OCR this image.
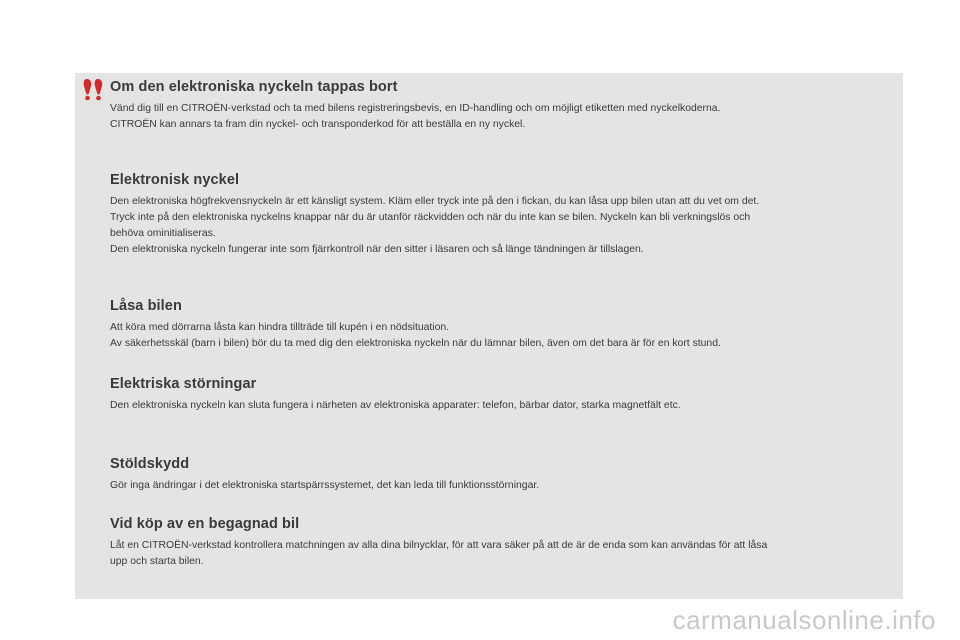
Om den elektroniska nyckeln tappas bort

Vänd dig till en CITROËN-verkstad och ta med bilens registreringsbevis, en ID-handling och om möjligt etiketten med nyckelkoderna.

CITROËN kan annars ta fram din nyckel- och transponderkod för att beställa en ny nyckel.

Elektronisk nyckel

Den elektroniska högfrekvensnyckeln är ett känsligt system. Kläm eller tryck inte på den i fickan, du kan låsa upp bilen utan att du vet om det.

Tryck inte på den elektroniska nyckelns knappar när du är utanför räckvidden och när du inte kan se bilen. Nyckeln kan bli verkningslös och

behöva ominitialiseras.

Den elektroniska nyckeln fungerar inte som fjärrkontroll när den sitter i läsaren och så länge tändningen är tillslagen.

Låsa bilen

Att köra med dörrarna låsta kan hindra tillträde till kupén i en nödsituation.

Av säkerhetsskäl (barn i bilen) bör du ta med dig den elektroniska nyckeln när du lämnar bilen, även om det bara är för en kort stund.

Elektriska störningar

Den elektroniska nyckeln kan sluta fungera i närheten av elektroniska apparater: telefon, bärbar dator, starka magnetfält etc.

Stöldskydd

Gör inga ändringar i det elektroniska startspärrssystemet, det kan leda till funktionsstörningar.

Vid köp av en begagnad bil

Låt en CITROËN-verkstad kontrollera matchningen av alla dina bilnycklar, för att vara säker på att de är de enda som kan användas för att låsa

upp och starta bilen.

carmanualsonline.info
